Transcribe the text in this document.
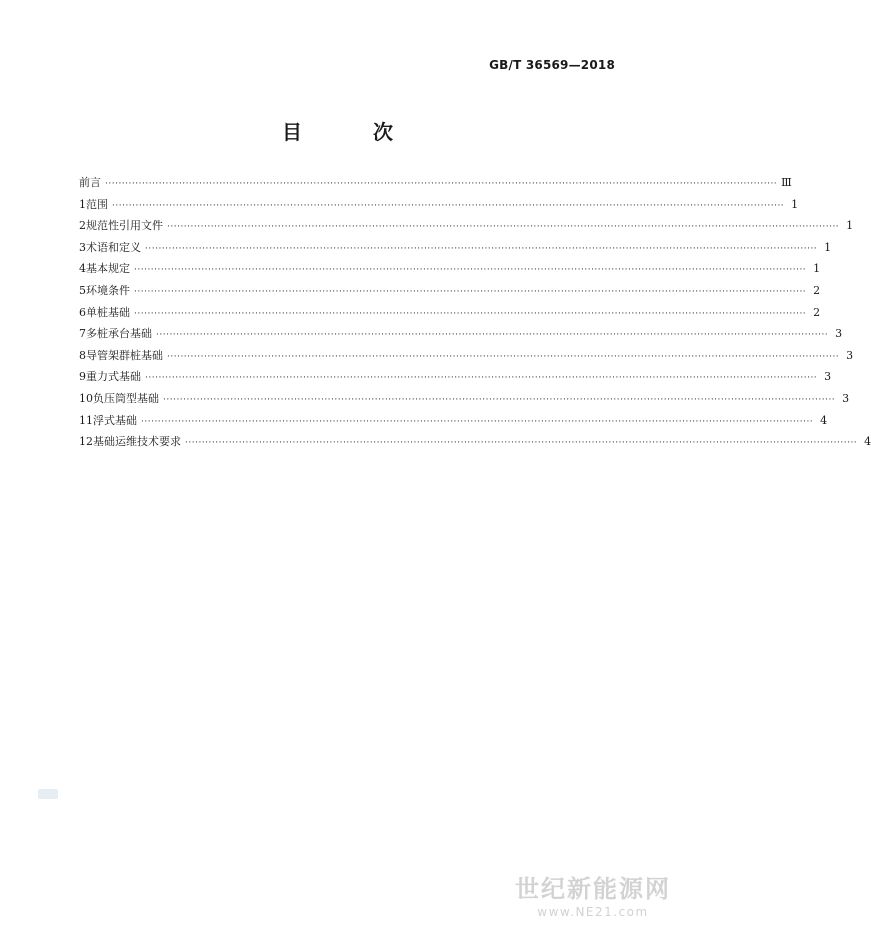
GB/T 36569—2018
目 次
前言 ········································································································································································································ Ⅲ
1 范围 ········································································································································································································ 1
2 规范性引用文件 ········································································································································································································ 1
3 术语和定义 ········································································································································································································ 1
4 基本规定 ········································································································································································································ 1
5 环境条件 ········································································································································································································ 2
6 单桩基础 ········································································································································································································ 2
7 多桩承台基础 ········································································································································································································ 3
8 导管架群桩基础 ········································································································································································································ 3
9 重力式基础 ········································································································································································································ 3
10 负压筒型基础 ········································································································································································································ 3
11 浮式基础 ········································································································································································································ 4
12 基础运维技术要求 ········································································································································································································ 4
世纪新能源网
www.NE21.com
